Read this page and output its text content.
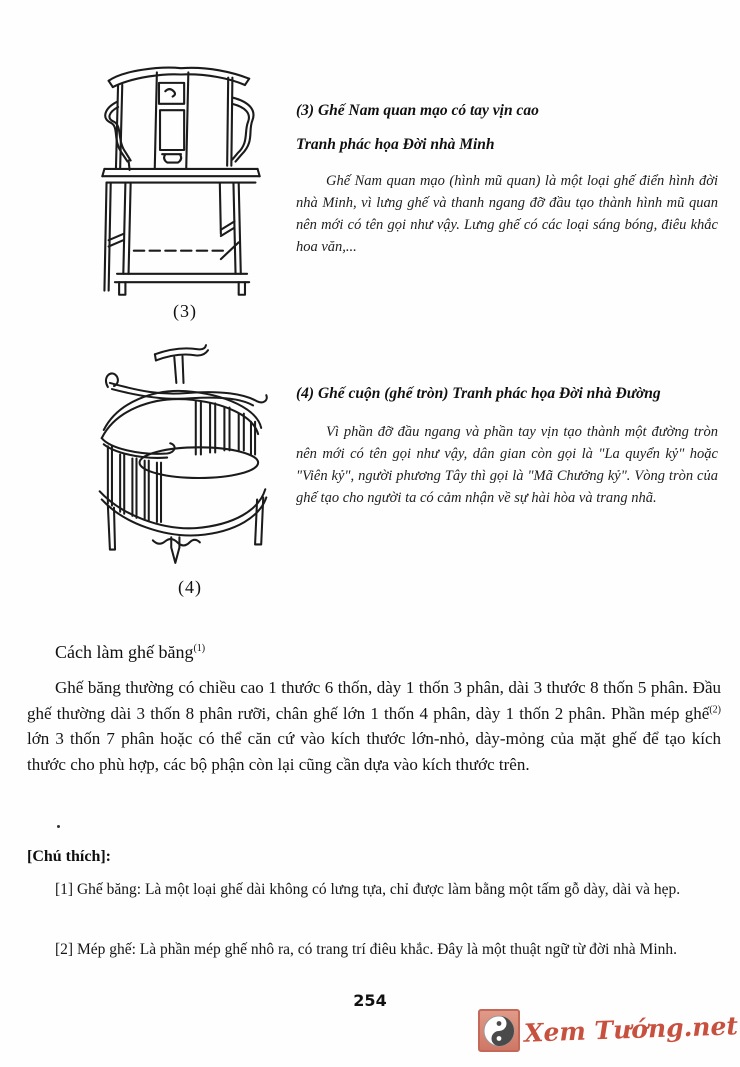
(3)

(3) Ghế Nam quan mạo có tay vịn cao

Tranh phác họa Đời nhà Minh

Ghế Nam quan mạo (hình mũ quan) là một loại ghế điển hình đời nhà Minh, vì lưng ghế và thanh ngang đỡ đầu tạo thành hình mũ quan nên mới có tên gọi như vậy. Lưng ghế có các loại sáng bóng, điêu khắc hoa văn,...

(4)

(4) Ghế cuộn (ghế tròn) Tranh phác họa Đời nhà Đường

Vì phần đỡ đầu ngang và phần tay vịn tạo thành một đường tròn nên mới có tên gọi như vậy, dân gian còn gọi là "La quyển kỷ" hoặc "Viên kỷ", người phương Tây thì gọi là "Mã Chưởng kỷ". Vòng tròn của ghế tạo cho người ta có cảm nhận về sự hài hòa và trang nhã.

Cách làm ghế băng$^{(1)}$

Ghế băng thường có chiều cao 1 thước 6 thốn, dày 1 thốn 3 phân, dài 3 thước 8 thốn 5 phân. Đầu ghế thường dài 3 thốn 8 phân rưỡi, chân ghế lớn 1 thốn 4 phân, dày 1 thốn 2 phân. Phần mép ghế$^{(2)}$ lớn 3 thốn 7 phân hoặc có thể căn cứ vào kích thước lớn-nhỏ, dày-mỏng của mặt ghế để tạo kích thước cho phù hợp, các bộ phận còn lại cũng cần dựa vào kích thước trên.

[Chú thích]:

[1] Ghế băng: Là một loại ghế dài không có lưng tựa, chỉ được làm bằng một tấm gỗ dày, dài và hẹp.

[2] Mép ghế: Là phần mép ghế nhô ra, có trang trí điêu khắc. Đây là một thuật ngữ từ đời nhà Minh.

254
Xem Tướng.net
